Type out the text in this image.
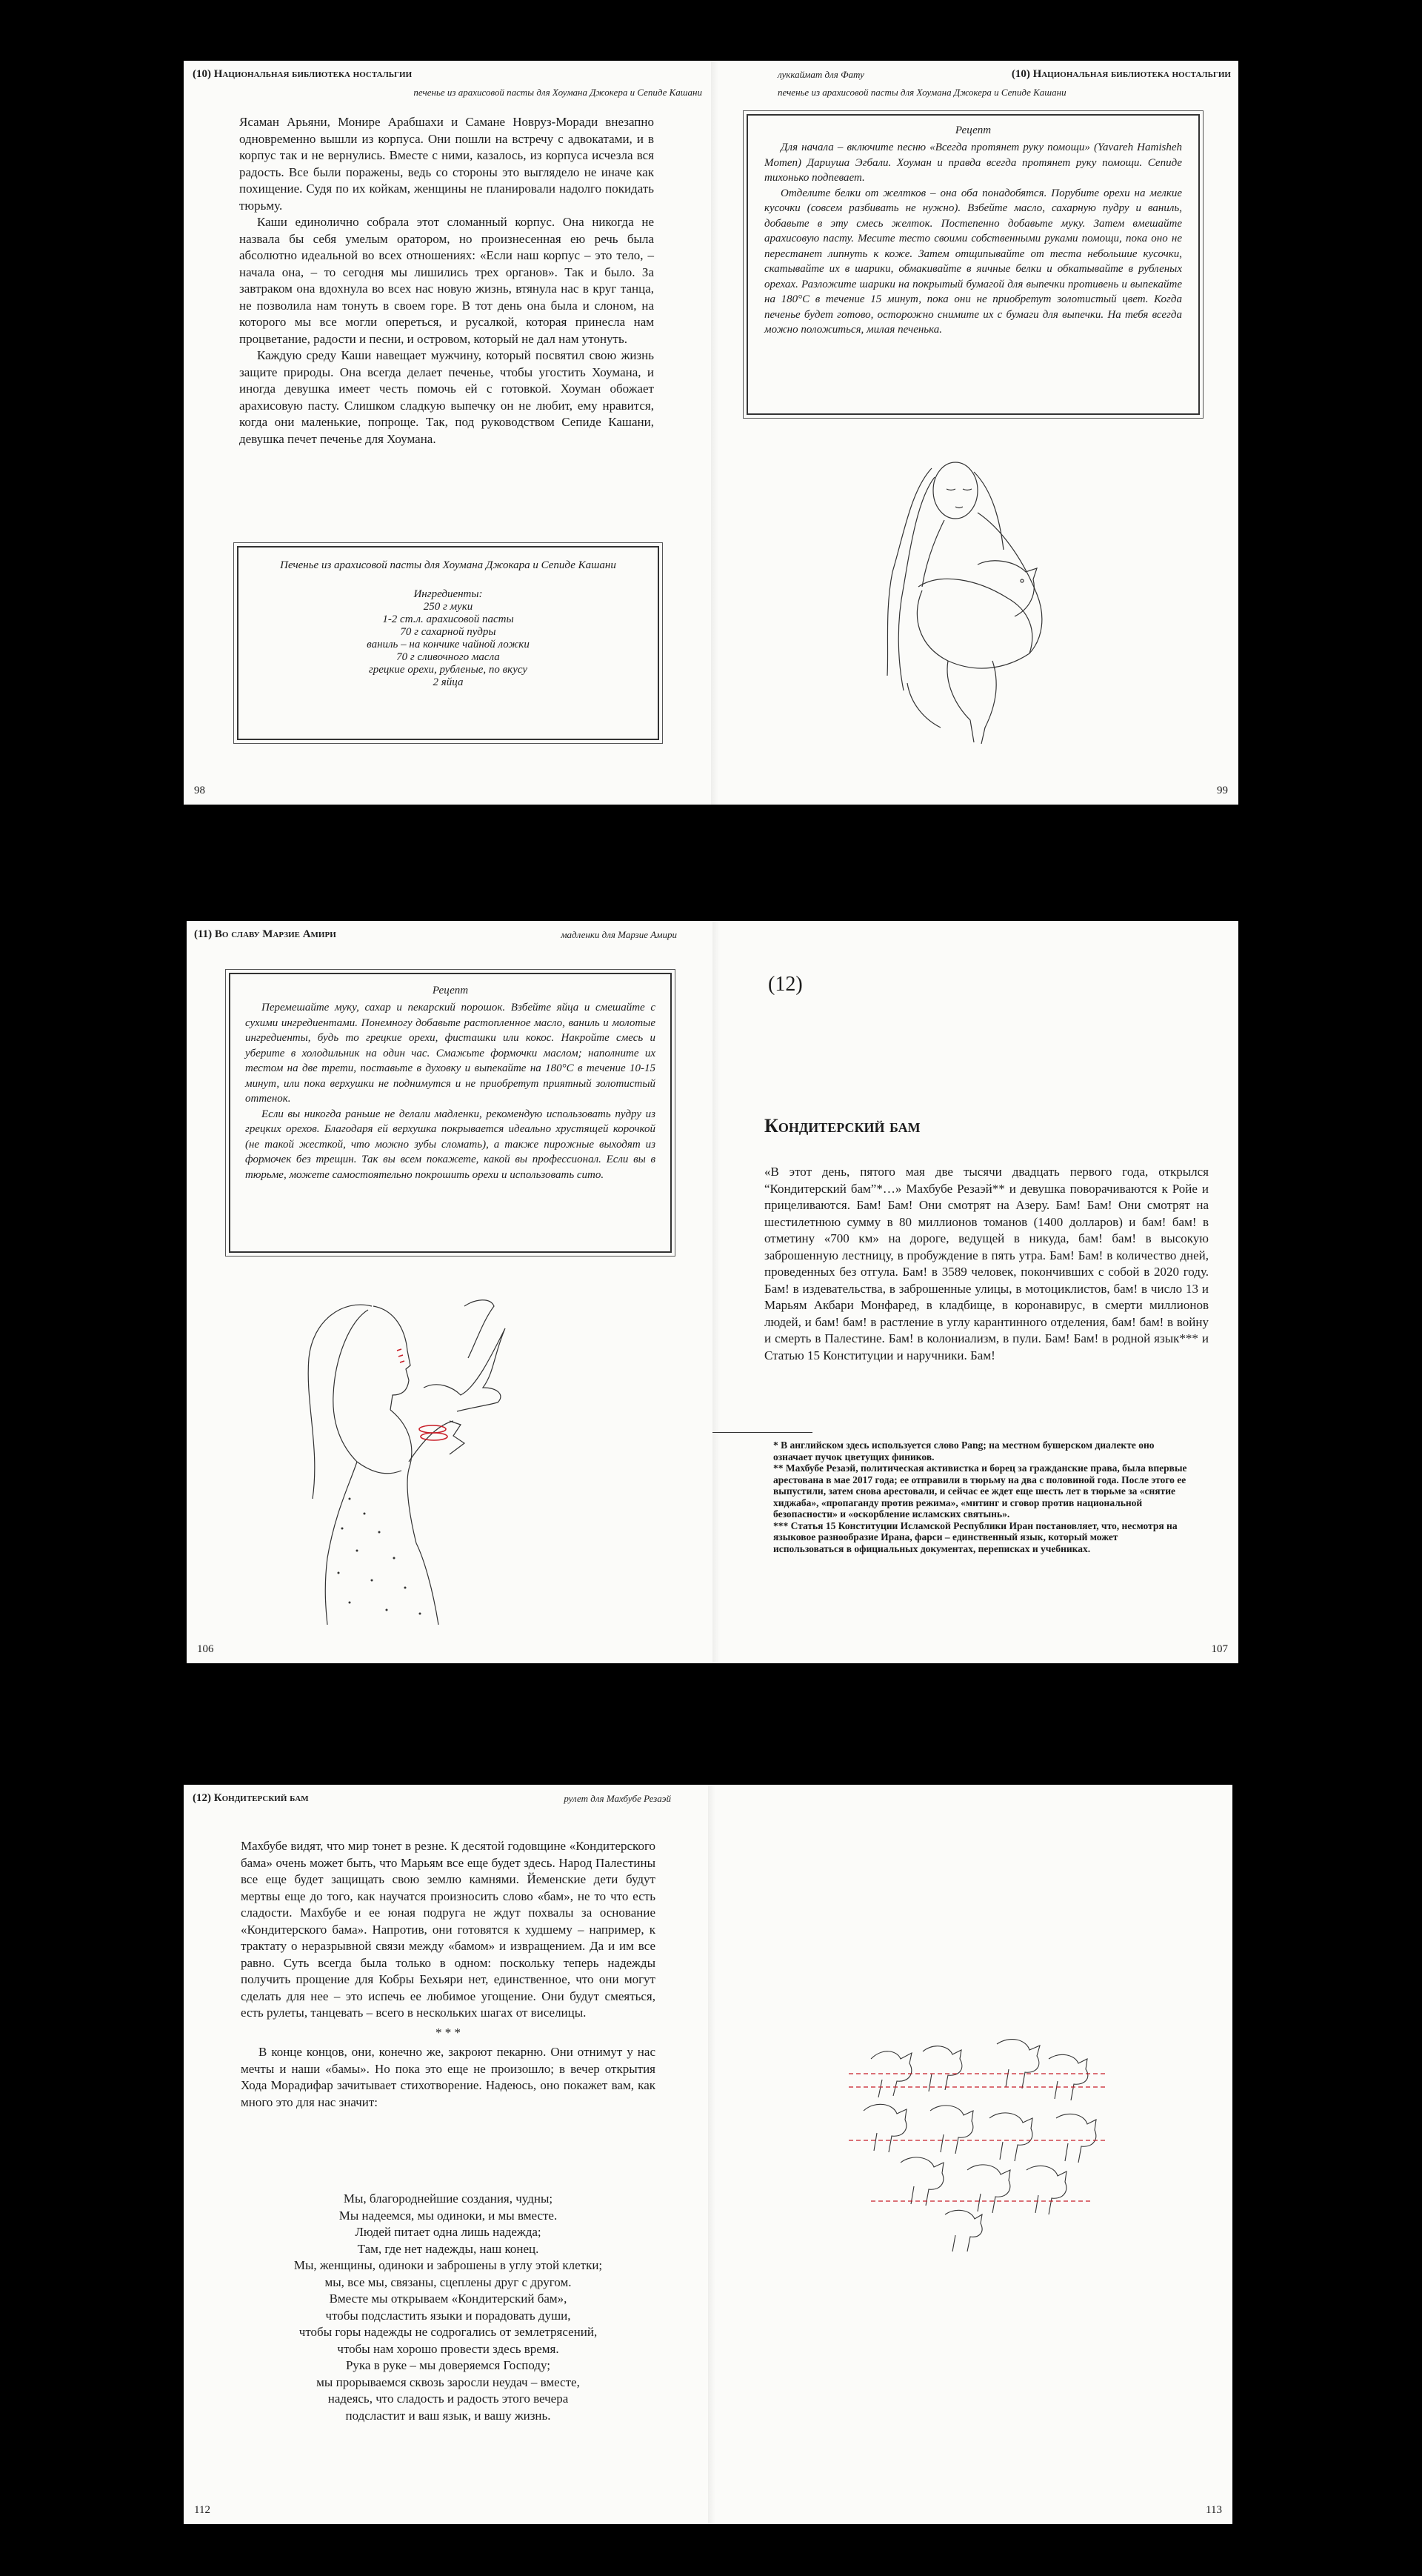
(10) Национальная библиотека ностальгии
печенье из арахисовой пасты для Хоумана Джокера и Сепиде Кашани

Ясаман Арьяни, Монире Арабшахи и Самане Новруз-Моради внезапно одновременно вышли из корпуса. Они пошли на встречу с адвокатами, и в корпус так и не вернулись. Вместе с ними, казалось, из корпуса исчезла вся радость. Все были поражены, ведь со стороны это выглядело не иначе как похищение. Судя по их койкам, женщины не планировали надолго покидать тюрьму.

Каши единолично собрала этот сломанный корпус. Она никогда не назвала бы себя умелым оратором, но произнесенная ею речь была абсолютно идеальной во всех отношениях: «Если наш корпус – это тело, – начала она, – то сегодня мы лишились трех органов». Так и было. За завтраком она вдохнула во всех нас новую жизнь, втянула нас в круг танца, не позволила нам тонуть в своем горе. В тот день она была и слоном, на которого мы все могли опереться, и русалкой, которая принесла нам процветание, радости и песни, и островом, который не дал нам утонуть.

Каждую среду Каши навещает мужчину, который посвятил свою жизнь защите природы. Она всегда делает печенье, чтобы угостить Хоумана, и иногда девушка имеет честь помочь ей с готовкой. Хоуман обожает арахисовую пасту. Слишком сладкую выпечку он не любит, ему нравится, когда они маленькие, попроще. Так, под руководством Сепиде Кашани, девушка печет печенье для Хоумана.

Печенье из арахисовой пасты для Хоумана Джокара и Сепиде Кашани
Ингредиенты:
250 г муки
1-2 ст.л. арахисовой пасты
70 г сахарной пудры
ваниль – на кончике чайной ложки
70 г сливочного масла
грецкие орехи, рубленые, по вкусу
2 яйца
98
(10) Национальная библиотека ностальгии
луккаймат для Фату
печенье из арахисовой пасты для Хоумана Джокера и Сепиде Кашани
Рецепт

Для начала – включите песню «Всегда протянет руку помощи» (Yavareh Hamisheh Momen) Дариуша Эгбали. Хоуман и правда всегда протянет руку помощи. Сепиде тихонько подпевает.

Отделите белки от желтков – она оба понадобятся. Порубите орехи на мелкие кусочки (совсем разбивать не нужно). Взбейте масло, сахарную пудру и ваниль, добавьте в эту смесь желток. Постепенно добавьте муку. Затем вмешайте арахисовую пасту. Месите тесто своими собственными руками помощи, пока оно не перестанет липнуть к коже. Затем отщипывайте от теста небольшие кусочки, скатывайте их в шарики, обмакивайте в яичные белки и обкатывайте в рубленых орехах. Разложите шарики на покрытый бумагой для выпечки противень и выпекайте на 180°C в течение 15 минут, пока они не приобретут золотистый цвет. Когда печенье будет готово, осторожно снимите их с бумаги для выпечки. На тебя всегда можно положиться, милая печенька.

99
(11) Во славу Марзие Амири	мадленки для Марзие Амири
Рецепт

Перемешайте муку, сахар и пекарский порошок. Взбейте яйца и смешайте с сухими ингредиентами. Понемногу добавьте растопленное масло, ваниль и молотые ингредиенты, будь то грецкие орехи, фисташки или кокос. Накройте смесь и уберите в холодильник на один час. Смажьте формочки маслом; наполните их тестом на две трети, поставьте в духовку и выпекайте на 180°C в течение 10-15 минут, или пока верхушки не поднимутся и не приобретут приятный золотистый оттенок.

Если вы никогда раньше не делали мадленки, рекомендую использовать пудру из грецких орехов. Благодаря ей верхушка покрывается идеально хрустящей корочкой (не такой жесткой, что можно зубы сломать), а также пирожные выходят из формочек без трещин. Так вы всем покажете, какой вы профессионал. Если вы в тюрьме, можете самостоятельно покрошить орехи и использовать сито.

106
(12)
Кондитерский бам

«В этот день, пятого мая две тысячи двадцать первого года, открылся “Кондитерский бам”*…» Махбубе Резаэй** и девушка поворачиваются к Ройе и прицеливаются. Бам! Бам! Они смотрят на Азеру. Бам! Бам! Они смотрят на шестилетнюю сумму в 80 миллионов томанов (1400 долларов) и бам! бам! в отметину «700 км» на дороге, ведущей в никуда, бам! бам! в высокую заброшенную лестницу, в пробуждение в пять утра. Бам! Бам! в количество дней, проведенных без отгула. Бам! в 3589 человек, покончивших с собой в 2020 году. Бам! в издевательства, в заброшенные улицы, в мотоциклистов, бам! в число 13 и Марьям Акбари Монфаред, в кладбище, в коронавирус, в смерти миллионов людей, и бам! бам! в растление в углу карантинного отделения, бам! бам! в войну и смерть в Палестине. Бам! в колониализм, в пули. Бам! Бам! в родной язык*** и Статью 15 Конституции и наручники. Бам!

* В английском здесь используется слово Pang; на местном бушерском диалекте оно означает пучок цветущих фиников.

** Махбубе Резаэй, политическая активистка и борец за гражданские права, была впервые арестована в мае 2017 года; ее отправили в тюрьму на два с половиной года. После этого ее выпустили, затем снова арестовали, и сейчас ее ждет еще шесть лет в тюрьме за «снятие хиджаба», «пропаганду против режима», «митинг и сговор против национальной безопасности» и «оскорбление исламских святынь».

*** Статья 15 Конституции Исламской Республики Иран постановляет, что, несмотря на языковое разнообразие Ирана, фарси – единственный язык, который может использоваться в официальных документах, переписках и учебниках.

107
(12) Кондитерский бам	рулет для Махбубе Резаэй

Махбубе видят, что мир тонет в резне. К десятой годовщине «Кондитерского бама» очень может быть, что Марьям все еще будет здесь. Народ Палестины все еще будет защищать свою землю камнями. Йеменские дети будут мертвы еще до того, как научатся произносить слово «бам», не то что есть сладости. Махбубе и ее юная подруга не ждут похвалы за основание «Кондитерского бама». Напротив, они готовятся к худшему – например, к трактату о неразрывной связи между «бамом» и извращением. Да и им все равно. Суть всегда была только в одном: поскольку теперь надежды получить прощение для Кобры Бехьяри нет, единственное, что они могут сделать для нее – это испечь ее любимое угощение. Они будут смеяться, есть рулеты, танцевать – всего в нескольких шагах от виселицы.

* * *

В конце концов, они, конечно же, закроют пекарню. Они отнимут у нас мечты и наши «бамы». Но пока это еще не произошло; в вечер открытия Хода Морадифар зачитывает стихотворение. Надеюсь, оно покажет вам, как много это для нас значит:

Мы, благороднейшие создания, чудны;

Мы надеемся, мы одиноки, и мы вместе.

Людей питает одна лишь надежда;

Там, где нет надежды, наш конец.

Мы, женщины, одиноки и заброшены в углу этой клетки;

мы, все мы, связаны, сцеплены друг с другом.

Вместе мы открываем «Кондитерский бам»,

чтобы подсластить языки и порадовать души,

чтобы горы надежды не содрогались от землетрясений,

чтобы нам хорошо провести здесь время.

Рука в руке – мы доверяемся Господу;

мы прорываемся сквозь заросли неудач – вместе,

надеясь, что сладость и радость этого вечера

подсластит и ваш язык, и вашу жизнь.

112	113
